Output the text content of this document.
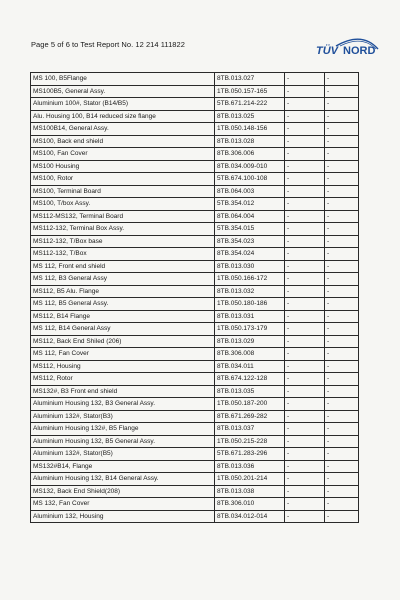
Page 5 of 6 to Test Report No. 12 214 111822
TÜV NORD
MS 100, B5Flange	8TB.013.027	-	-
MS100B5, General Assy.	1TB.050.157-165	-	-
Aluminium 100#, Stator (B14/B5)	5TB.671.214-222	-	-
Alu. Housing 100, B14 reduced size flange	8TB.013.025	-	-
MS100B14, General Assy.	1TB.050.148-156	-	-
MS100, Back end shield	8TB.013.028	-	-
MS100, Fan Cover	8TB.306.006	-	-
MS100 Housing	8TB.034.009-010	-	-
MS100, Rotor	5TB.674.100-108	-	-
MS100, Terminal Board	8TB.064.003	-	-
MS100, T/box Assy.	5TB.354.012	-	-
MS112-MS132, Terminal Board	8TB.064.004	-	-
MS112-132, Terminal Box Assy.	5TB.354.015	-	-
MS112-132, T/Box base	8TB.354.023	-	-
MS112-132, T/Box	8TB.354.024	-	-
MS 112, Front end shield	8TB.013.030	-	-
MS 112, B3 General Assy	1TB.050.166-172	-	-
MS112, B5 Alu. Flange	8TB.013.032	-	-
MS 112, B5 General Assy.	1TB.050.180-186	-	-
MS112, B14 Flange	8TB.013.031	-	-
MS 112, B14 General Assy	1TB.050.173-179	-	-
MS112, Back End Shiled (206)	8TB.013.029	-	-
MS 112, Fan Cover	8TB.306.008	-	-
MS112, Housing	8TB.034.011	-	-
MS112, Rotor	8TB.674.122-128	-	-
MS132#, B3 Front end shield	8TB.013.035	-	-
Aluminium Housing 132, B3 General Assy.	1TB.050.187-200	-	-
Aluminium 132#, Stator(B3)	8TB.671.269-282	-	-
Aluminium Housing 132#, B5 Flange	8TB.013.037	-	-
Aluminium Housing 132, B5 General Assy.	1TB.050.215-228	-	-
Aluminium 132#, Stator(B5)	5TB.671.283-296	-	-
MS132#B14, Flange	8TB.013.036	-	-
Aluminium Housing 132, B14 General Assy.	1TB.050.201-214	-	-
MS132, Back End Shield(208)	8TB.013.038	-	-
MS 132, Fan Cover	8TB.306.010	-	-
Aluminium 132, Housing	8TB.034.012-014	-	-
